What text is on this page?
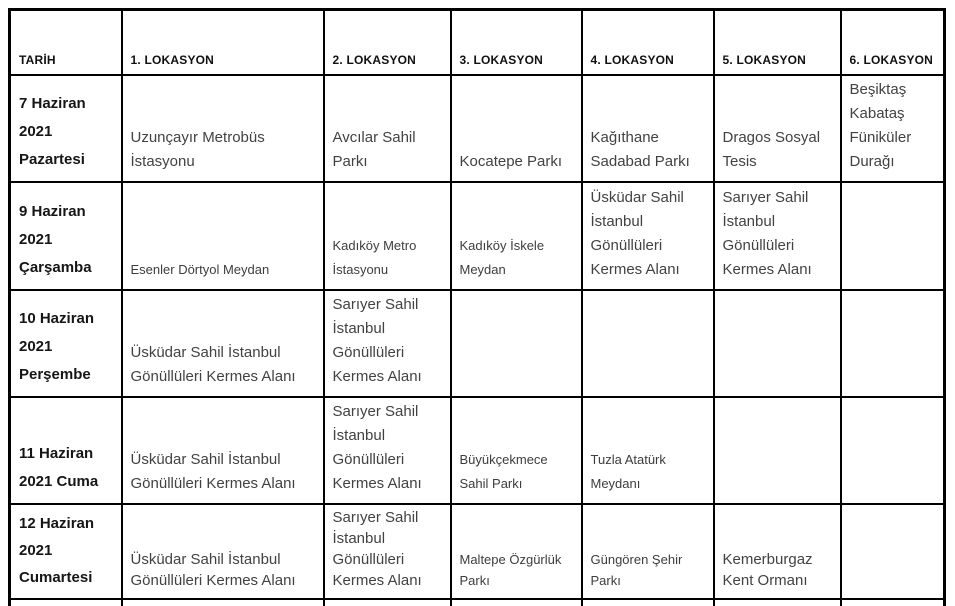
TARİH	1. LOKASYON	2. LOKASYON	3. LOKASYON	4. LOKASYON	5. LOKASYON	6. LOKASYON
7 Haziran 2021 Pazartesi	Uzunçayır Metrobüs İstasyonu	Avcılar Sahil Parkı	Kocatepe Parkı	Kağıthane Sadabad Parkı	Dragos Sosyal Tesis	Beşiktaş Kabataş Füniküler Durağı
9 Haziran 2021 Çarşamba	Esenler Dörtyol Meydan	Kadıköy Metro İstasyonu	Kadıköy İskele Meydan	Üsküdar Sahil İstanbul Gönüllüleri Kermes Alanı	Sarıyer Sahil İstanbul Gönüllüleri Kermes Alanı	
10 Haziran 2021 Perşembe	Üsküdar Sahil İstanbul Gönüllüleri Kermes Alanı	Sarıyer Sahil İstanbul Gönüllüleri Kermes Alanı				
11 Haziran 2021 Cuma	Üsküdar Sahil İstanbul Gönüllüleri Kermes Alanı	Sarıyer Sahil İstanbul Gönüllüleri Kermes Alanı	Büyükçekmece Sahil Parkı	Tuzla Atatürk Meydanı		
12 Haziran 2021 Cumartesi	Üsküdar Sahil İstanbul Gönüllüleri Kermes Alanı	Sarıyer Sahil İstanbul Gönüllüleri Kermes Alanı	Maltepe Özgürlük Parkı	Güngören Şehir Parkı	Kemerburgaz Kent Ormanı	
